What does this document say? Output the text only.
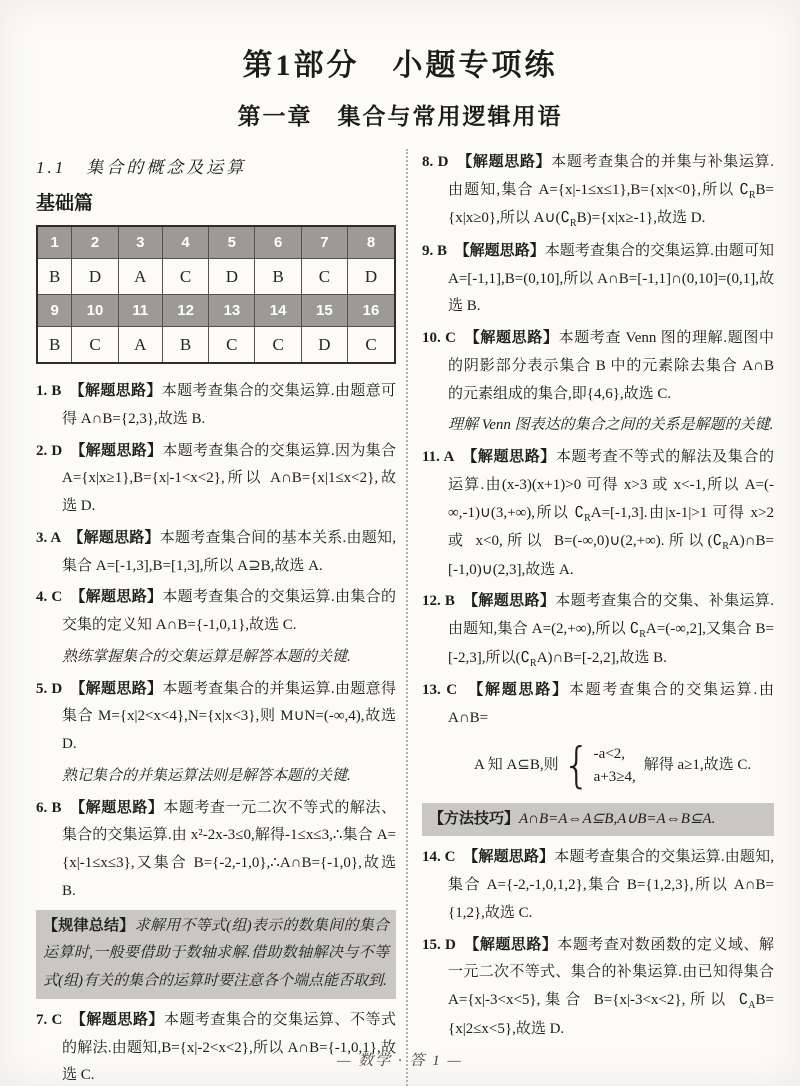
第1部分　小题专项练
第一章　集合与常用逻辑用语
1.1　集合的概念及运算
基础篇
1	2	3	4	5	6	7	8
B	D	A	C	D	B	C	D
9	10	11	12	13	14	15	16
B	C	A	B	C	C	D	C
1. B　【解题思路】本题考查集合的交集运算.由题意可得 A∩B={2,3},故选 B.
2. D　【解题思路】本题考查集合的交集运算.因为集合 A={x|x≥1},B={x|-1<x<2},所以 A∩B={x|1≤x<2},故选 D.
3. A　【解题思路】本题考查集合间的基本关系.由题知,集合 A=[-1,3],B=[1,3],所以 A⊇B,故选 A.
4. C　【解题思路】本题考查集合的交集运算.由集合的交集的定义知 A∩B={-1,0,1},故选 C.
熟练掌握集合的交集运算是解答本题的关键.
5. D　【解题思路】本题考查集合的并集运算.由题意得集合 M={x|2<x<4},N={x|x<3},则 M∪N=(-∞,4),故选 D.
熟记集合的并集运算法则是解答本题的关键.
6. B　【解题思路】本题考查一元二次不等式的解法、集合的交集运算.由 x²-2x-3≤0,解得-1≤x≤3,∴集合 A={x|-1≤x≤3},又集合 B={-2,-1,0},∴A∩B={-1,0},故选 B.
【规律总结】求解用不等式(组)表示的数集间的集合运算时,一般要借助于数轴求解.借助数轴解决与不等式(组)有关的集合的运算时要注意各个端点能否取到.
7. C　【解题思路】本题考查集合的交集运算、不等式的解法.由题知,B={x|-2<x<2},所以 A∩B={-1,0,1},故选 C.
8. D　【解题思路】本题考查集合的并集与补集运算.由题知,集合 A={x|-1≤x≤1},B={x|x<0},所以 $∁_RB=\{x|x\ge 0\}$,所以 $A\cup(∁_RB)=\{x|x\ge-1\}$,故选 D.
9. B　【解题思路】本题考查集合的交集运算.由题可知 A=[-1,1],B=(0,10],所以 A∩B=[-1,1]∩(0,10]=(0,1],故选 B.
10. C　【解题思路】本题考查 Venn 图的理解.题图中的阴影部分表示集合 B 中的元素除去集合 A∩B 的元素组成的集合,即{4,6},故选 C.
理解 Venn 图表达的集合之间的关系是解题的关键.
11. A　【解题思路】本题考查不等式的解法及集合的运算.由(x-3)(x+1)>0 可得 x>3 或 x<-1,所以 A=(-∞,-1)∪(3,+∞),所以 $∁_RA=[-1,3]$.由|x-1|>1 可得 x>2 或 x<0,所以 B=(-∞,0)∪(2,+∞).所以$(∁_RA)\cap B=[-1,0)\cup(2,3]$,故选 A.
12. B　【解题思路】本题考查集合的交集、补集运算.由题知,集合 A=(2,+∞),所以 $∁_RA=(-\infty,2]$,又集合 B=[-2,3],所以$(∁_RA)\cap B=[-2,2]$,故选 B.
13. C　【解题思路】本题考查集合的交集运算.由 A∩B=
A 知 A⊆B,则 { -a<2,
a+3≥4,
解得 a≥1,故选 C.
【方法技巧】A∩B=A⇔A⊆B,A∪B=A⇔B⊆A.
14. C　【解题思路】本题考查集合的交集运算.由题知,集合 A={-2,-1,0,1,2},集合 B={1,2,3},所以 A∩B={1,2},故选 C.
15. D　【解题思路】本题考查对数函数的定义域、解一元二次不等式、集合的补集运算.由已知得集合 A={x|-3<x<5},集合 B={x|-3<x<2},所以 $∁_AB=\{x|2\le x<5\}$,故选 D.
— 数学 · 答 1 —
